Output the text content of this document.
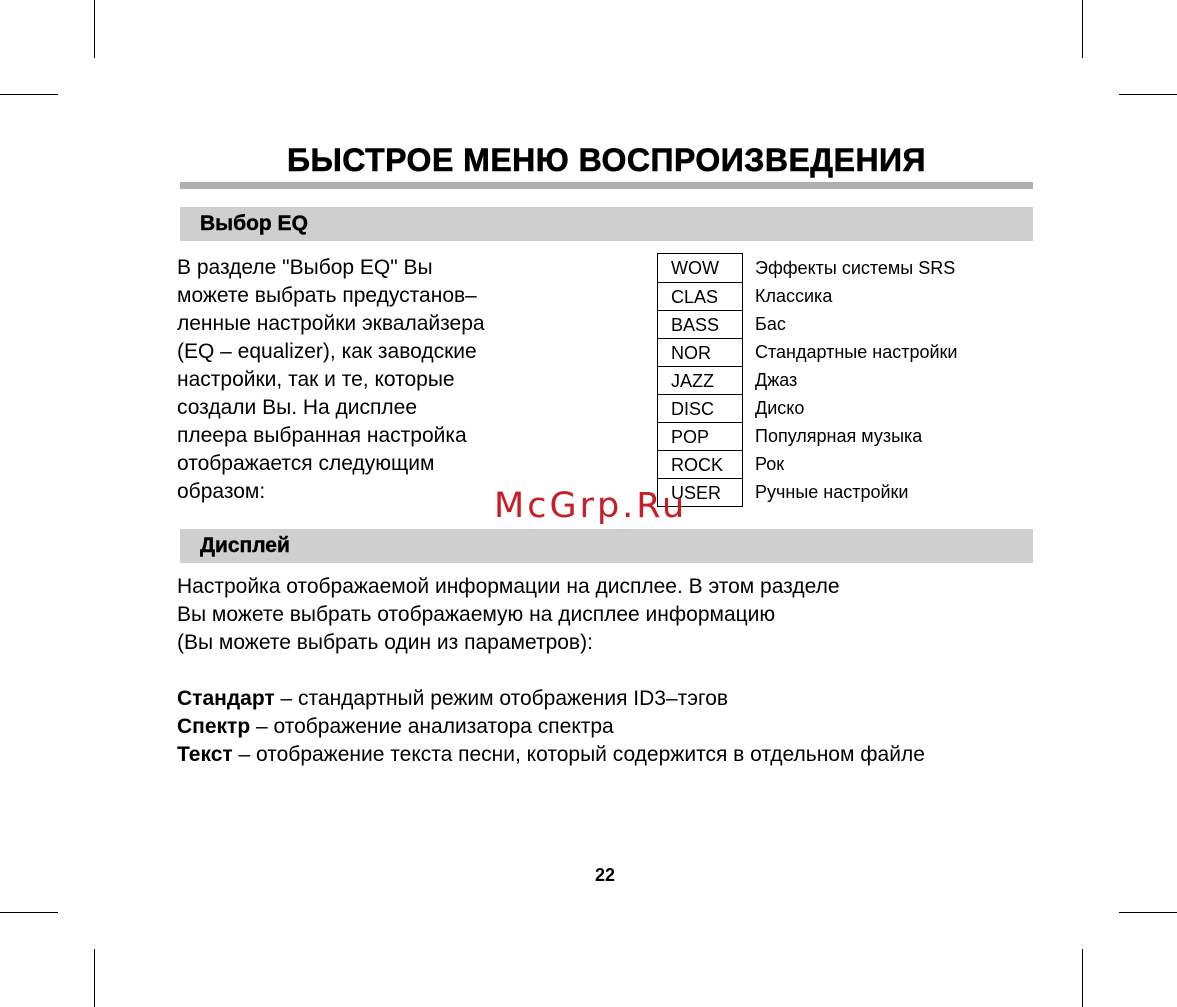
БЫСТРОЕ МЕНЮ ВОСПРОИЗВЕДЕНИЯ
Выбор EQ

В разделе "Выбор EQ" Вы
можете выбрать предустанов–
ленные настройки эквалайзера
(EQ – equalizer), как заводские
настройки, так и те, которые
создали Вы. На дисплее
плеера выбранная настройка
отображается следующим
образом:

WOW
CLAS
BASS
NOR
JAZZ
DISC
POP
ROCK
USER
Эффекты системы SRS
Классика
Бас
Стандартные настройки
Джаз
Диско
Популярная музыка
Рок
Ручные настройки
McGrp.Ru
Дисплей
Настройка отображаемой информации на дисплее. В этом разделе
Вы можете выбрать отображаемую на дисплее информацию
(Вы можете выбрать один из параметров):
Стандарт – стандартный режим отображения ID3–тэгов
Спектр – отображение анализатора спектра
Текст – отображение текста песни, который содержится в отдельном файле
22
